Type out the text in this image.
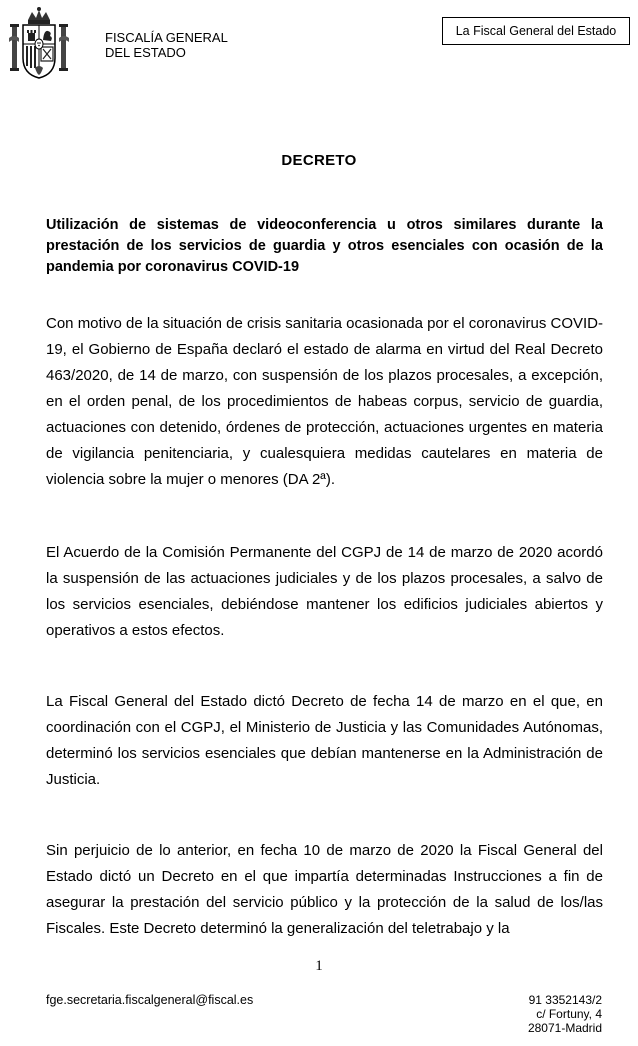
FISCALÍA GENERAL
DEL ESTADO
La Fiscal General del Estado
DECRETO
Utilización de sistemas de videoconferencia u otros similares durante la prestación de los servicios de guardia y otros esenciales con ocasión de la pandemia por coronavirus COVID-19
Con motivo de la situación de crisis sanitaria ocasionada por el coronavirus COVID-19, el Gobierno de España declaró el estado de alarma en virtud del Real Decreto 463/2020, de 14 de marzo, con suspensión de los plazos procesales, a excepción, en el orden penal, de los procedimientos de habeas corpus, servicio de guardia, actuaciones con detenido, órdenes de protección, actuaciones urgentes en materia de vigilancia penitenciaria, y cualesquiera medidas cautelares en materia de violencia sobre la mujer o menores (DA 2ª).
El Acuerdo de la Comisión Permanente del CGPJ de 14 de marzo de 2020 acordó la suspensión de las actuaciones judiciales y de los plazos procesales, a salvo de los servicios esenciales, debiéndose mantener los edificios judiciales abiertos y operativos a estos efectos.
La Fiscal General del Estado dictó Decreto de fecha 14 de marzo en el que, en coordinación con el CGPJ, el Ministerio de Justicia y las Comunidades Autónomas, determinó los servicios esenciales que debían mantenerse en la Administración de Justicia.
Sin perjuicio de lo anterior, en fecha 10 de marzo de 2020 la Fiscal General del Estado dictó un Decreto en el que impartía determinadas Instrucciones a fin de asegurar la prestación del servicio público y la protección de la salud de los/las Fiscales. Este Decreto determinó la generalización del teletrabajo y la
1
fge.secretaria.fiscalgeneral@fiscal.es	91 3352143/2
c/ Fortuny, 4
28071-Madrid
